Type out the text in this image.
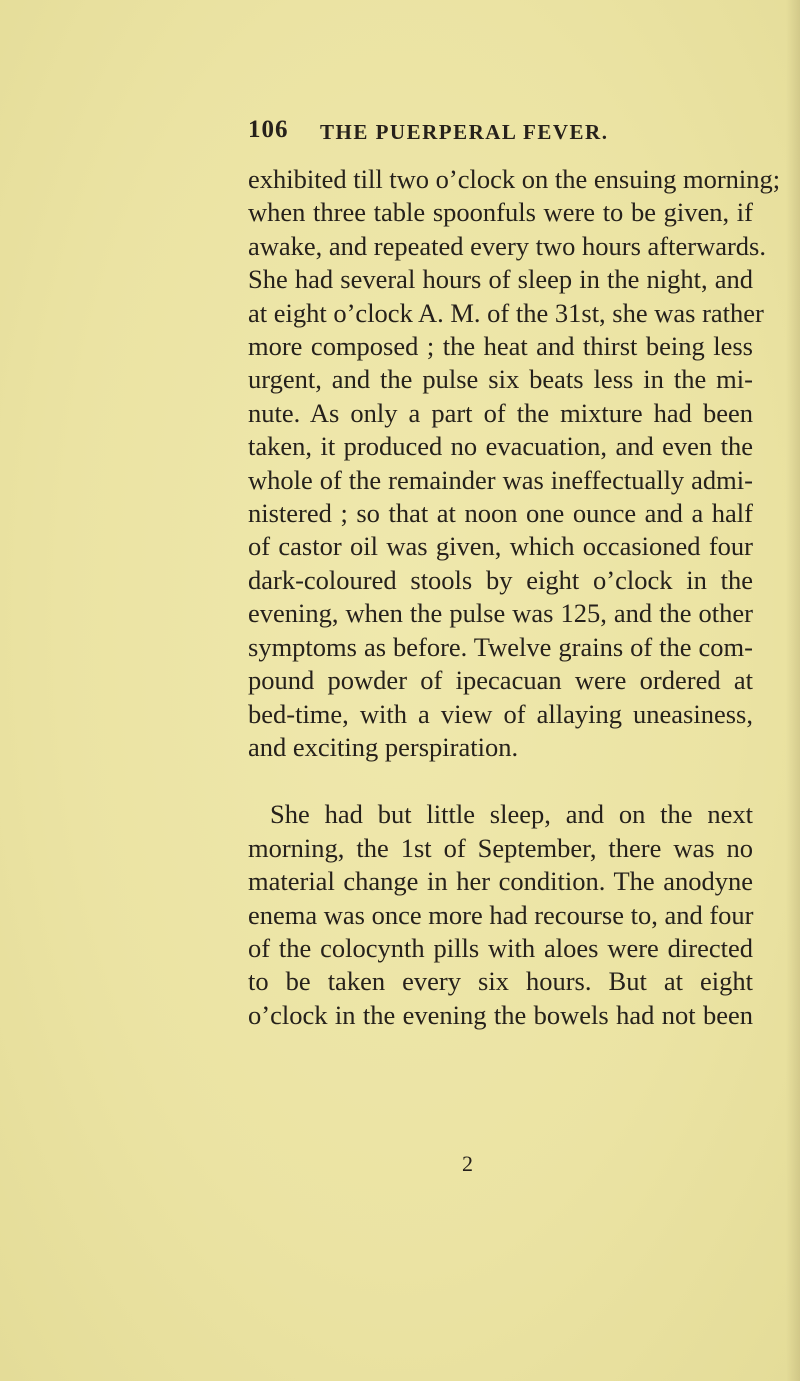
106 THE PUERPERAL FEVER.
exhibited till two o’clock on the ensuing morning;
when three table spoonfuls were to be given, if
awake, and repeated every two hours afterwards.
She had several hours of sleep in the night, and
at eight o’clock A. M. of the 31st, she was rather
more composed ; the heat and thirst being less
urgent, and the pulse six beats less in the mi-
nute. As only a part of the mixture had been
taken, it produced no evacuation, and even the
whole of the remainder was ineffectually admi-
nistered ; so that at noon one ounce and a half
of castor oil was given, which occasioned four
dark-coloured stools by eight o’clock in the
evening, when the pulse was 125, and the other
symptoms as before. Twelve grains of the com-
pound powder of ipecacuan were ordered at
bed-time, with a view of allaying uneasiness,
and exciting perspiration.
She had but little sleep, and on the next
morning, the 1st of September, there was no
material change in her condition. The anodyne
enema was once more had recourse to, and four
of the colocynth pills with aloes were directed
to be taken every six hours. But at eight
o’clock in the evening the bowels had not been
2
